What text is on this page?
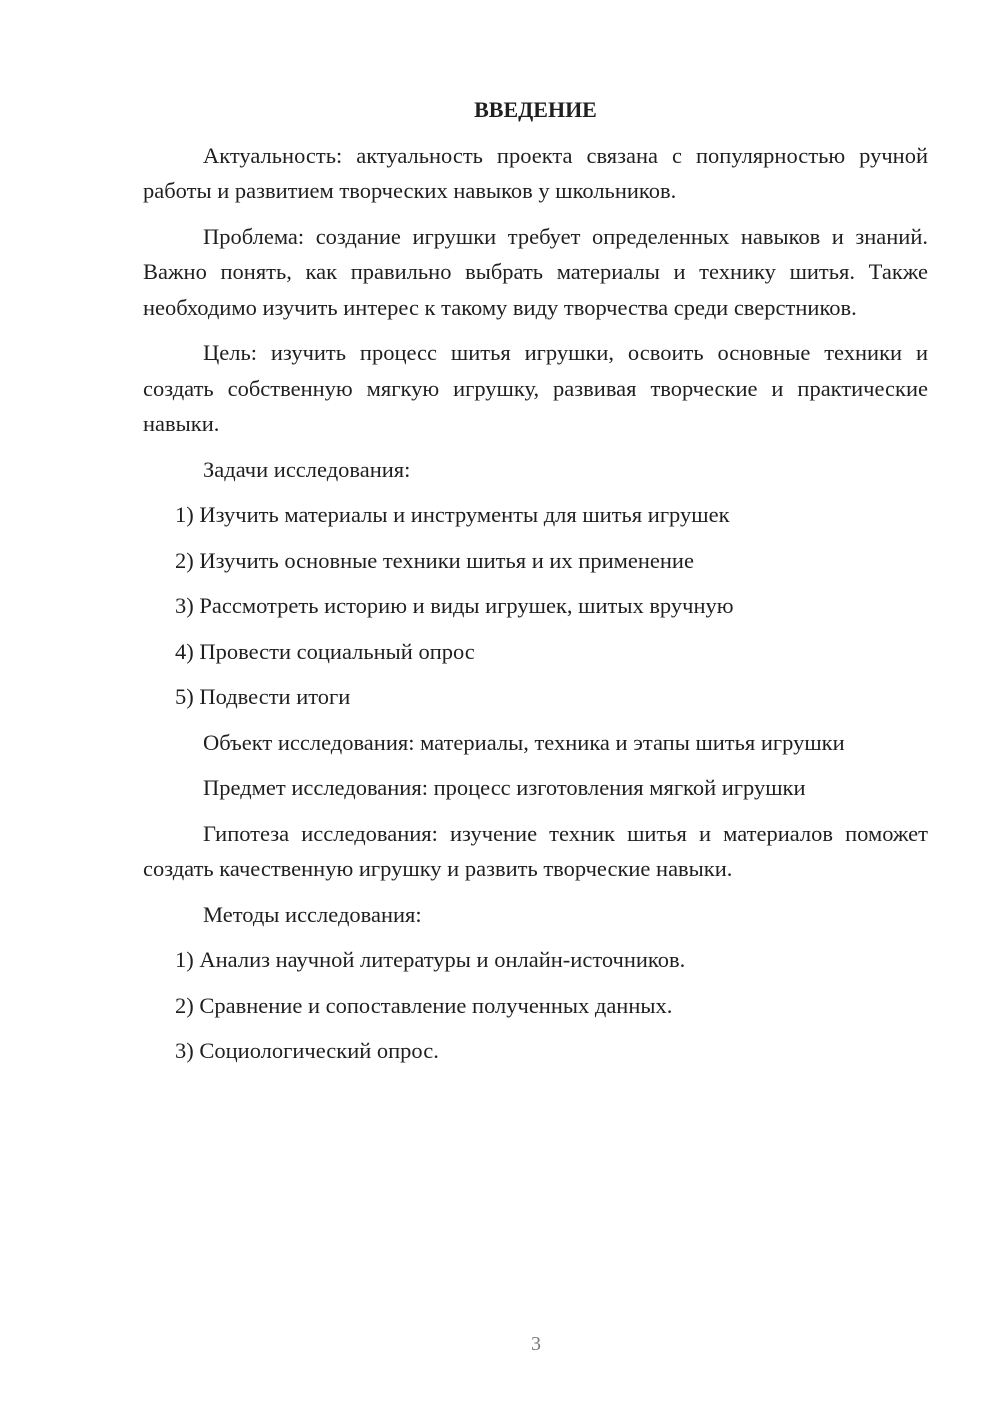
ВВЕДЕНИЕ
Актуальность: актуальность проекта связана с популярностью ручной работы и развитием творческих навыков у школьников.
Проблема: создание игрушки требует определенных навыков и знаний. Важно понять, как правильно выбрать материалы и технику шитья. Также необходимо изучить интерес к такому виду творчества среди сверстников.
Цель: изучить процесс шитья игрушки, освоить основные техники и создать собственную мягкую игрушку, развивая творческие и практические навыки.
Задачи исследования:
1) Изучить материалы и инструменты для шитья игрушек
2) Изучить основные техники шитья и их применение
3) Рассмотреть историю и виды игрушек, шитых вручную
4) Провести социальный опрос
5) Подвести итоги
Объект исследования: материалы, техника и этапы шитья игрушки
Предмет исследования: процесс изготовления мягкой игрушки
Гипотеза исследования: изучение техник шитья и материалов поможет создать качественную игрушку и развить творческие навыки.
Методы исследования:
1) Анализ научной литературы и онлайн-источников.
2) Сравнение и сопоставление полученных данных.
3) Социологический опрос.
3
